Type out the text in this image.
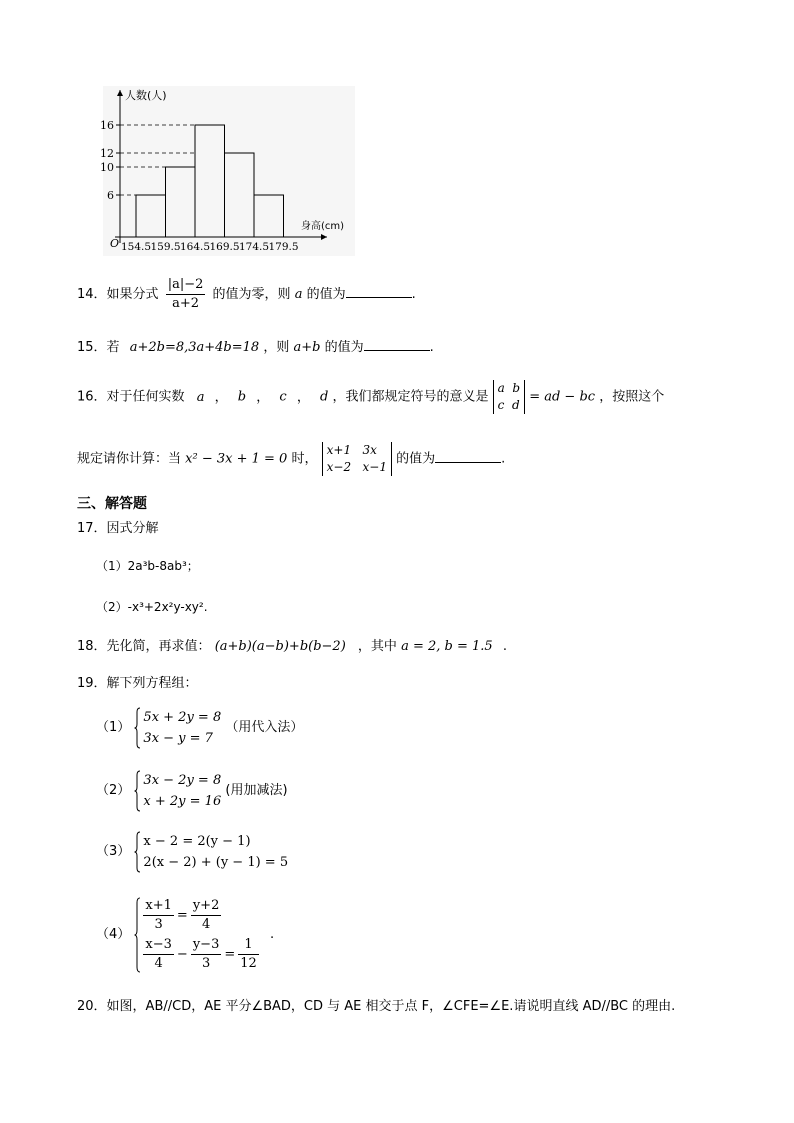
人数(人)
身高(cm)
O
6
10
12
16
154.5 159.5 164.5 169.5 174.5 179.5
14．如果分式 $\frac{|a|-2}{a+2}$ 的值为零，则 a 的值为	.
15．若 a+2b=8,3a+4b=18 ，则 a+b 的值为	.
16．对于任何实数 a ， b ， c ， d ，我们都规定符号的意义是
a  b
c  d
= ad − bc ，按照这个
规定请你计算：当 x² − 3x + 1 = 0 时，
x+1   3x
x−2   x−1
的值为	.
三、解答题
17．因式分解
（1）2a³b-8ab³；
（2）-x³+2x²y-xy².
18．先化简，再求值： (a+b)(a−b)+b(b−2) ，其中 a = 2, b = 1.5 .
19．解下列方程组：
（1）
5x + 2y = 8
3x − y = 7
（用代入法）
（2）
3x − 2y = 8
x + 2y = 16
(用加减法)
（3）
x − 2 = 2(y − 1)
2(x − 2) + (y − 1) = 5
（4）
$\frac{x+1}{3} = \frac{y+2}{4}$
$\frac{x-3}{4} - \frac{y-3}{3} = \frac{1}{12}$
.
20．如图，AB//CD，AE 平分∠BAD，CD 与 AE 相交于点 F，∠CFE=∠E.请说明直线 AD//BC 的理由.
